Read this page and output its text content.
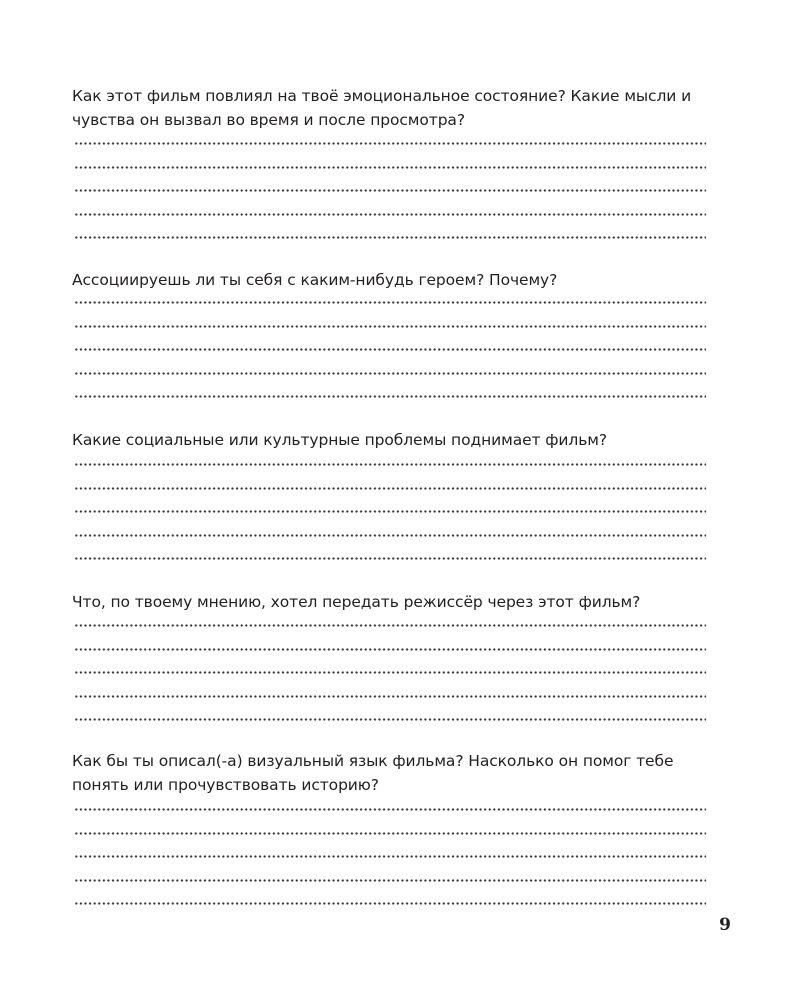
Как этот фильм повлиял на твоё эмоциональное состояние? Какие мысли и чувства он вызвал во время и после просмотра?
Ассоциируешь ли ты себя с каким-нибудь героем? Почему?
Какие социальные или культурные проблемы поднимает фильм?
Что, по твоему мнению, хотел передать режиссёр через этот фильм?
Как бы ты описал(-а) визуальный язык фильма? Насколько он помог тебе понять или прочувствовать историю?
9
